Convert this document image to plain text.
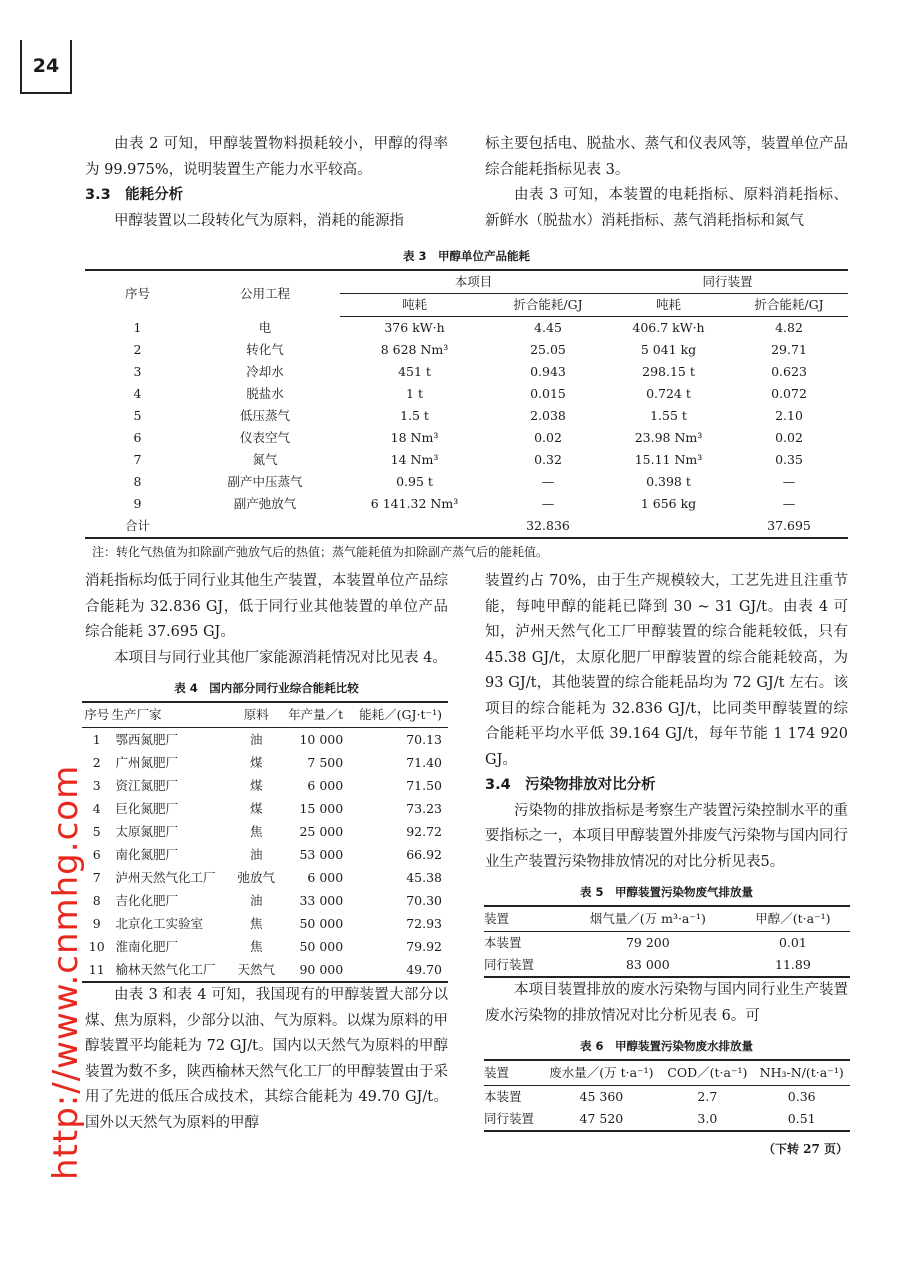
24

由表 2 可知，甲醇装置物料损耗较小，甲醇的得率为 99.975%，说明装置生产能力水平较高。

3.3　能耗分析

甲醇装置以二段转化气为原料，消耗的能源指

标主要包括电、脱盐水、蒸气和仪表风等，装置单位产品综合能耗指标见表 3。

由表 3 可知，本装置的电耗指标、原料消耗指标、新鲜水（脱盐水）消耗指标、蒸气消耗指标和氮气

表 3　甲醇单位产品能耗
序号	公用工程	本项目		同行装置	
		吨耗	折合能耗/GJ	吨耗	折合能耗/GJ
1	电	376 kW·h	4.45	406.7 kW·h	4.82
2	转化气	8 628 Nm³	25.05	5 041 kg	29.71
3	冷却水	451 t	0.943	298.15 t	0.623
4	脱盐水	1 t	0.015	0.724 t	0.072
5	低压蒸气	1.5 t	2.038	1.55 t	2.10
6	仪表空气	18 Nm³	0.02	23.98 Nm³	0.02
7	氮气	14 Nm³	0.32	15.11 Nm³	0.35
8	副产中压蒸气	0.95 t	—	0.398 t	—
9	副产弛放气	6 141.32 Nm³	—	1 656 kg	—
合计			32.836		37.695
注：转化气热值为扣除副产弛放气后的热值；蒸气能耗值为扣除副产蒸气后的能耗值。

消耗指标均低于同行业其他生产装置，本装置单位产品综合能耗为 32.836 GJ，低于同行业其他装置的单位产品综合能耗 37.695 GJ。

本项目与同行业其他厂家能源消耗情况对比见表 4。

表 4　国内部分同行业综合能耗比较
序号	生产厂家	原料	年产量／t	能耗／(GJ·t⁻¹)
1	鄂西氮肥厂	油	10 000	70.13
2	广州氮肥厂	煤	7 500	71.40
3	资江氮肥厂	煤	6 000	71.50
4	巨化氮肥厂	煤	15 000	73.23
5	太原氮肥厂	焦	25 000	92.72
6	南化氮肥厂	油	53 000	66.92
7	泸州天然气化工厂	弛放气	6 000	45.38
8	吉化化肥厂	油	33 000	70.30
9	北京化工实验室	焦	50 000	72.93
10	淮南化肥厂	焦	50 000	79.92
11	榆林天然气化工厂	天然气	90 000	49.70

由表 3 和表 4 可知，我国现有的甲醇装置大部分以煤、焦为原料，少部分以油、气为原料。以煤为原料的甲醇装置平均能耗为 72 GJ/t。国内以天然气为原料的甲醇装置为数不多，陕西榆林天然气化工厂的甲醇装置由于采用了先进的低压合成技术，其综合能耗为 49.70 GJ/t。国外以天然气为原料的甲醇

装置约占 70%，由于生产规模较大，工艺先进且注重节能，每吨甲醇的能耗已降到 30 ~ 31 GJ/t。由表 4 可知，泸州天然气化工厂甲醇装置的综合能耗较低，只有 45.38 GJ/t，太原化肥厂甲醇装置的综合能耗较高，为 93 GJ/t，其他装置的综合能耗品均为 72 GJ/t 左右。该项目的综合能耗为 32.836 GJ/t，比同类甲醇装置的综合能耗平均水平低 39.164 GJ/t，每年节能 1 174 920 GJ。

3.4　污染物排放对比分析

污染物的排放指标是考察生产装置污染控制水平的重要指标之一，本项目甲醇装置外排废气污染物与国内同行业生产装置污染物排放情况的对比分析见表5。

表 5　甲醇装置污染物废气排放量
装置	烟气量／(万 m³·a⁻¹)	甲醇／(t·a⁻¹)
本装置	79 200	0.01
同行装置	83 000	11.89

本项目装置排放的废水污染物与国内同行业生产装置废水污染物的排放情况对比分析见表 6。可

表 6　甲醇装置污染物废水排放量
装置	废水量／(万 t·a⁻¹)	COD／(t·a⁻¹)	NH₃-N/(t·a⁻¹)
本装置	45 360	2.7	0.36
同行装置	47 520	3.0	0.51
（下转 27 页）
http://www.cnmhg.com
